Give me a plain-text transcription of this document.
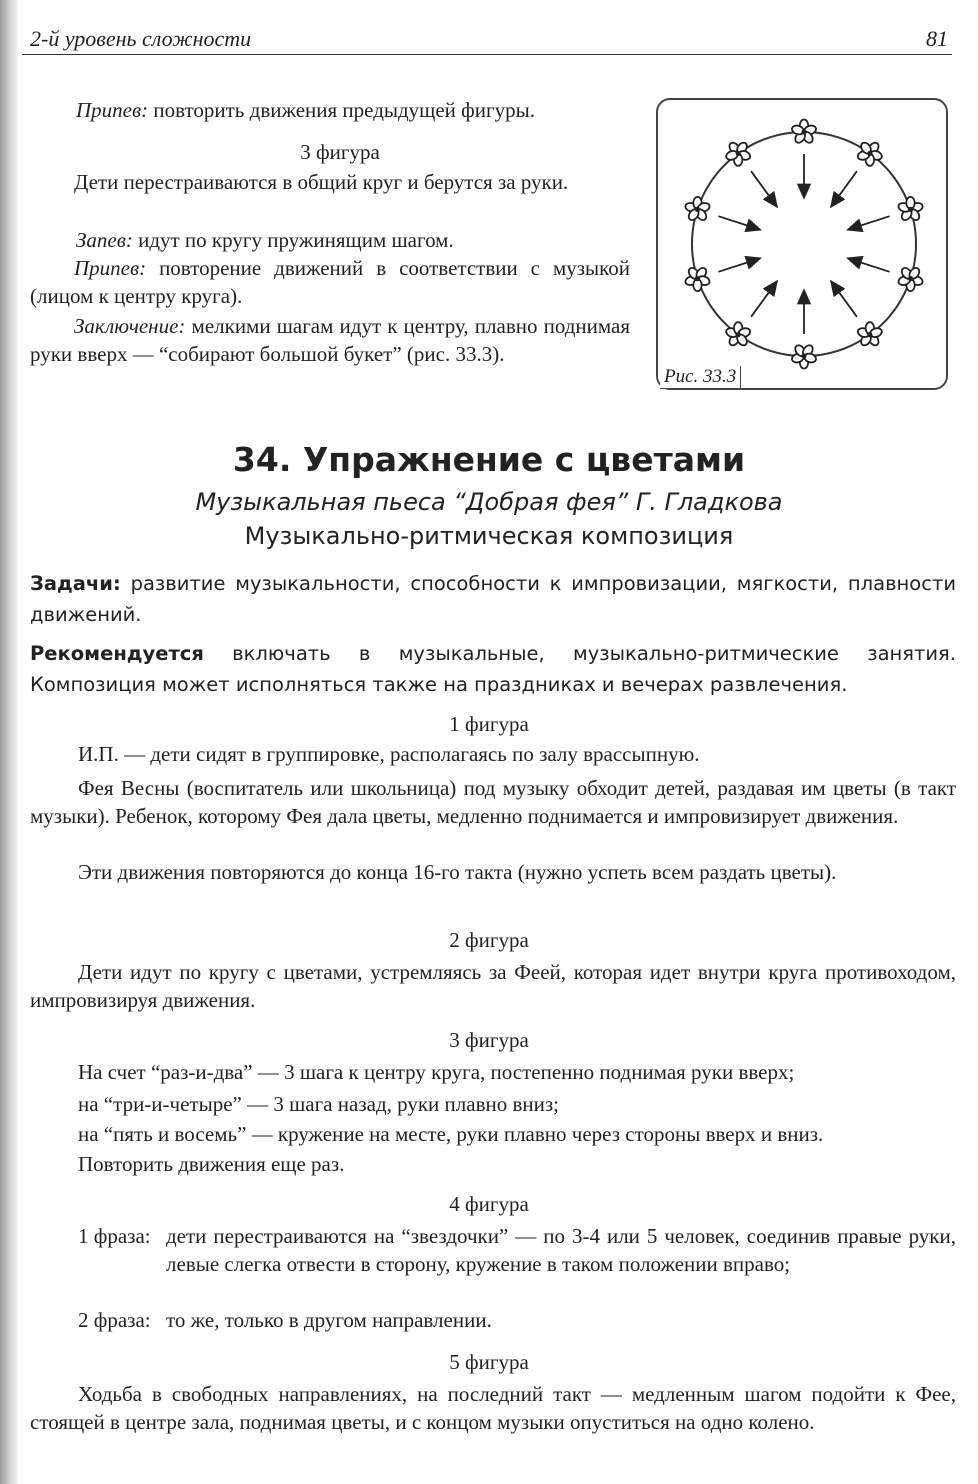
2-й уровень сложности	81

Припев: повторить движения предыдущей фигуры.

3 фигура

Дети перестраиваются в общий круг и берутся за руки.

Запев: идут по кругу пружинящим шагом.

Припев: повторение движений в соответствии с музыкой (лицом к центру круга).

Заключение: мелкими шагам идут к центру, плавно поднимая руки вверх — “собирают большой букет” (рис. 33.3).

Рис. 33.3
34. Упражнение с цветами
Музыкальная пьеса “Добрая фея” Г. Гладкова
Музыкально-ритмическая композиция

Задачи: развитие музыкальности, способности к импровизации, мягкости, плавности движений.

Рекомендуется включать в музыкальные, музыкально-ритмические занятия. Композиция может исполняться также на праздниках и вечерах развлечения.

1 фигура

И.П. — дети сидят в группировке, располагаясь по залу врассыпную.

Фея Весны (воспитатель или школьница) под музыку обходит детей, раздавая им цветы (в такт музыки). Ребенок, которому Фея дала цветы, медленно поднимается и импровизирует движения.

Эти движения повторяются до конца 16-го такта (нужно успеть всем раздать цветы).

2 фигура

Дети идут по кругу с цветами, устремляясь за Феей, которая идет внутри круга противоходом, импровизируя движения.

3 фигура

На счет “раз-и-два” — 3 шага к центру круга, постепенно поднимая руки вверх;

на “три-и-четыре” — 3 шага назад, руки плавно вниз;

на “пять и восемь” — кружение на месте, руки плавно через стороны вверх и вниз.

Повторить движения еще раз.

4 фигура
1 фраза: дети перестраиваются на “звездочки” — по 3-4 или 5 человек, соединив правые руки, левые слегка отвести в сторону, кружение в таком положении вправо;
2 фраза: то же, только в другом направлении.
5 фигура

Ходьба в свободных направлениях, на последний такт — медленным шагом подойти к Фее, стоящей в центре зала, поднимая цветы, и с концом музыки опуститься на одно колено.
